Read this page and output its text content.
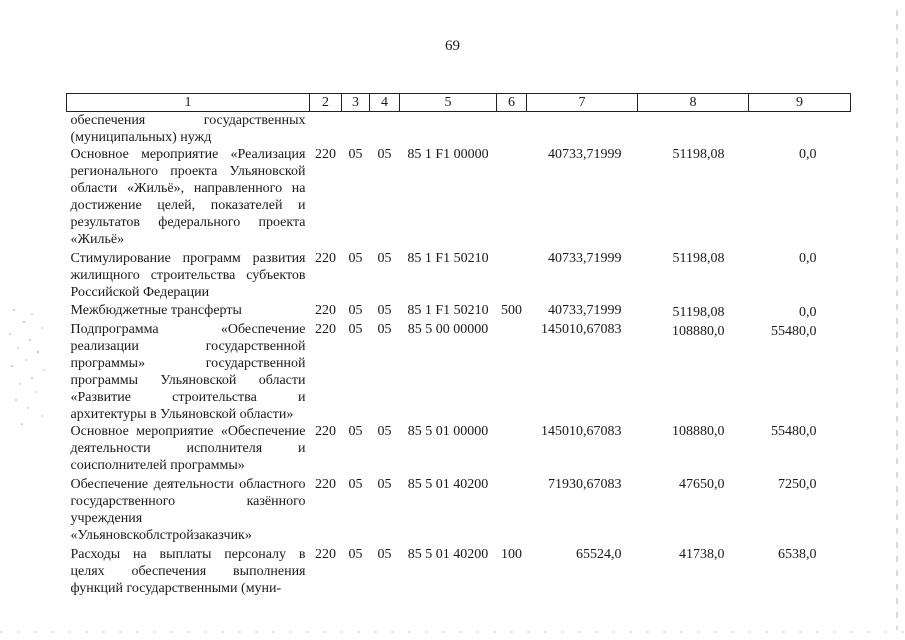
69
1	2	3	4	5	6	7	8	9
обеспечения государственных (муниципальных) нужд								
Основное мероприятие «Реализация регионального проекта Ульяновской области «Жильё», направленного на достижение целей, показателей и результатов федерального проекта «Жильё»	220	05	05	85 1 F1 00000		40733,71999	51198,08	0,0
Стимулирование программ развития жилищного строительства субъектов Российской Федерации	220	05	05	85 1 F1 50210		40733,71999	51198,08	0,0
Межбюджетные трансферты	220	05	05	85 1 F1 50210	500	40733,71999	51198,08	0,0
Подпрограмма «Обеспечение реализации государственной программы» государственной программы Ульяновской области «Развитие строительства и архитектуры в Ульяновской области»	220	05	05	85 5 00 00000		145010,67083	108880,0	55480,0
Основное мероприятие «Обеспечение деятельности исполнителя и соисполнителей программы»	220	05	05	85 5 01 00000		145010,67083	108880,0	55480,0
Обеспечение деятельности областного государственного казённого учреждения «Ульяновскоблстройзаказчик»	220	05	05	85 5 01 40200		71930,67083	47650,0	7250,0
Расходы на выплаты персоналу в целях обеспечения выполнения функций государственными (муни-	220	05	05	85 5 01 40200	100	65524,0	41738,0	6538,0
